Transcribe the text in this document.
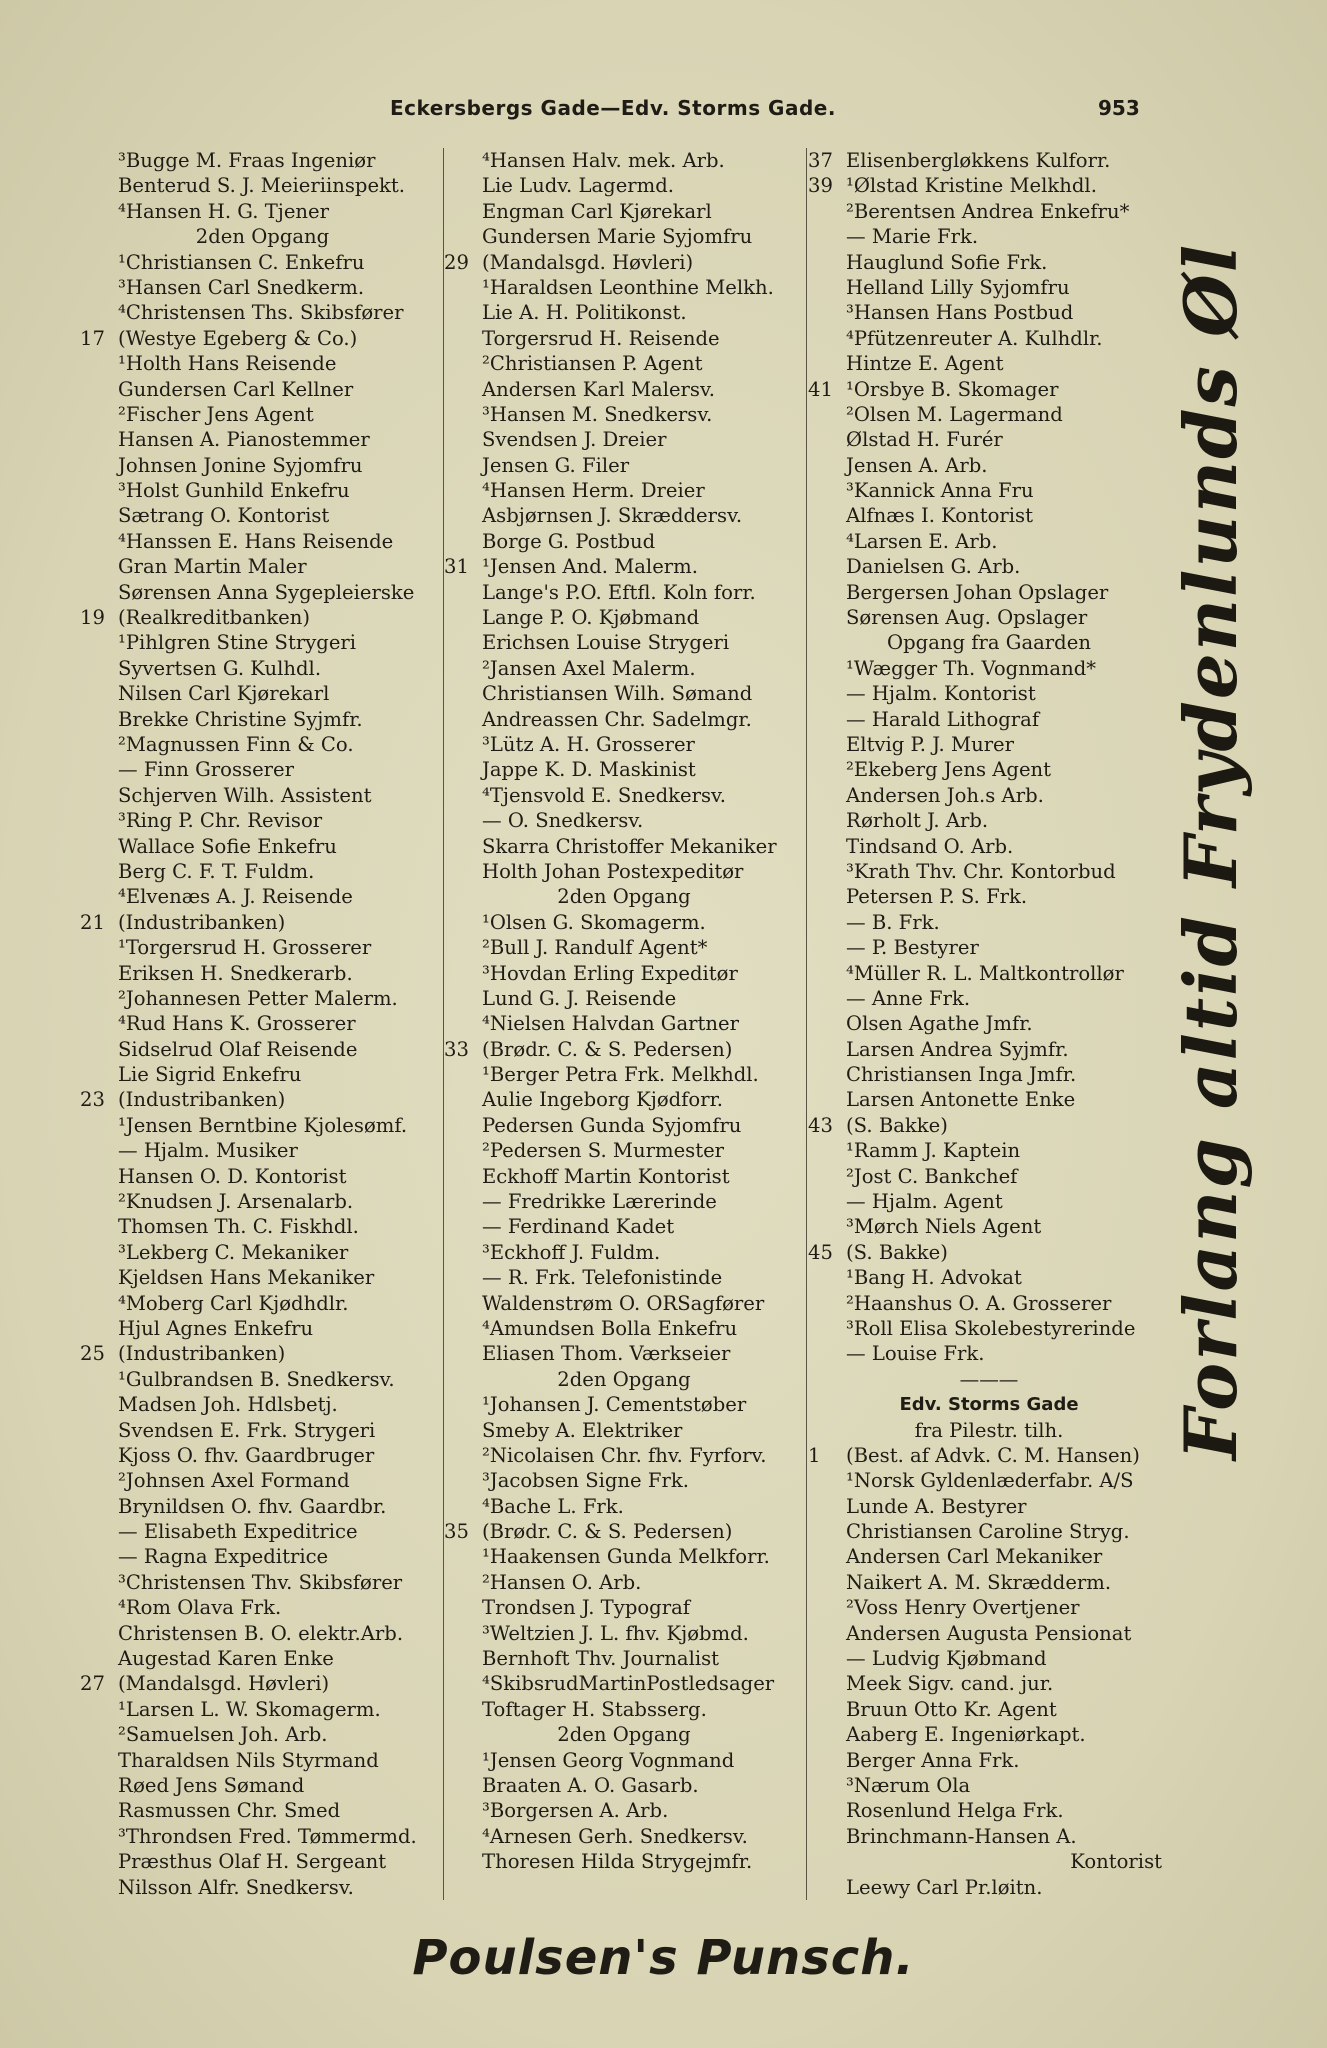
Eckersbergs Gade—Edv. Storms Gade.	953
³Bugge M. Fraas Ingeniør
Benterud S. J. Meieriinspekt.
⁴Hansen H. G. Tjener
2den Opgang
¹Christiansen C. Enkefru
³Hansen Carl Snedkerm.
⁴Christensen Ths. Skibsfører
17 (Westye Egeberg & Co.)
¹Holth Hans Reisende
Gundersen Carl Kellner
²Fischer Jens Agent
Hansen A. Pianostemmer
Johnsen Jonine Syjomfru
³Holst Gunhild Enkefru
Sætrang O. Kontorist
⁴Hanssen E. Hans Reisende
Gran Martin Maler
Sørensen Anna Sygepleierske
19 (Realkreditbanken)
¹Pihlgren Stine Strygeri
Syvertsen G. Kulhdl.
Nilsen Carl Kjørekarl
Brekke Christine Syjmfr.
²Magnussen Finn & Co.
— Finn Grosserer
Schjerven Wilh. Assistent
³Ring P. Chr. Revisor
Wallace Sofie Enkefru
Berg C. F. T. Fuldm.
⁴Elvenæs A. J. Reisende
21 (Industribanken)
¹Torgersrud H. Grosserer
Eriksen H. Snedkerarb.
²Johannesen Petter Malerm.
⁴Rud Hans K. Grosserer
Sidselrud Olaf Reisende
Lie Sigrid Enkefru
23 (Industribanken)
¹Jensen Berntbine Kjolesømf.
— Hjalm. Musiker
Hansen O. D. Kontorist
²Knudsen J. Arsenalarb.
Thomsen Th. C. Fiskhdl.
³Lekberg C. Mekaniker
Kjeldsen Hans Mekaniker
⁴Moberg Carl Kjødhdlr.
Hjul Agnes Enkefru
25 (Industribanken)
¹Gulbrandsen B. Snedkersv.
Madsen Joh. Hdlsbetj.
Svendsen E. Frk. Strygeri
Kjoss O. fhv. Gaardbruger
²Johnsen Axel Formand
Brynildsen O. fhv. Gaardbr.
— Elisabeth Expeditrice
— Ragna Expeditrice
³Christensen Thv. Skibsfører
⁴Rom Olava Frk.
Christensen B. O. elektr.Arb.
Augestad Karen Enke
27 (Mandalsgd. Høvleri)
¹Larsen L. W. Skomagerm.
²Samuelsen Joh. Arb.
Tharaldsen Nils Styrmand
Røed Jens Sømand
Rasmussen Chr. Smed
³Throndsen Fred. Tømmermd.
Præsthus Olaf H. Sergeant
Nilsson Alfr. Snedkersv.
⁴Hansen Halv. mek. Arb.
Lie Ludv. Lagermd.
Engman Carl Kjørekarl
Gundersen Marie Syjomfru
29 (Mandalsgd. Høvleri)
¹Haraldsen Leonthine Melkh.
Lie A. H. Politikonst.
Torgersrud H. Reisende
²Christiansen P. Agent
Andersen Karl Malersv.
³Hansen M. Snedkersv.
Svendsen J. Dreier
Jensen G. Filer
⁴Hansen Herm. Dreier
Asbjørnsen J. Skræddersv.
Borge G. Postbud
31 ¹Jensen And. Malerm.
Lange's P.O. Eftfl. Koln forr.
Lange P. O. Kjøbmand
Erichsen Louise Strygeri
²Jansen Axel Malerm.
Christiansen Wilh. Sømand
Andreassen Chr. Sadelmgr.
³Lütz A. H. Grosserer
Jappe K. D. Maskinist
⁴Tjensvold E. Snedkersv.
— O. Snedkersv.
Skarra Christoffer Mekaniker
Holth Johan Postexpeditør
2den Opgang
¹Olsen G. Skomagerm.
²Bull J. Randulf Agent*
³Hovdan Erling Expeditør
Lund G. J. Reisende
⁴Nielsen Halvdan Gartner
33 (Brødr. C. & S. Pedersen)
¹Berger Petra Frk. Melkhdl.
Aulie Ingeborg Kjødforr.
Pedersen Gunda Syjomfru
²Pedersen S. Murmester
Eckhoff Martin Kontorist
— Fredrikke Lærerinde
— Ferdinand Kadet
³Eckhoff J. Fuldm.
— R. Frk. Telefonistinde
Waldenstrøm O. ORSagfører
⁴Amundsen Bolla Enkefru
Eliasen Thom. Værkseier
2den Opgang
¹Johansen J. Cementstøber
Smeby A. Elektriker
²Nicolaisen Chr. fhv. Fyrforv.
³Jacobsen Signe Frk.
⁴Bache L. Frk.
35 (Brødr. C. & S. Pedersen)
¹Haakensen Gunda Melkforr.
²Hansen O. Arb.
Trondsen J. Typograf
³Weltzien J. L. fhv. Kjøbmd.
Bernhoft Thv. Journalist
⁴SkibsrudMartinPostledsager
Toftager H. Stabsserg.
2den Opgang
¹Jensen Georg Vognmand
Braaten A. O. Gasarb.
³Borgersen A. Arb.
⁴Arnesen Gerh. Snedkersv.
Thoresen Hilda Strygejmfr.
37 Elisenbergløkkens Kulforr.
39 ¹Ølstad Kristine Melkhdl.
²Berentsen Andrea Enkefru*
— Marie Frk.
Hauglund Sofie Frk.
Helland Lilly Syjomfru
³Hansen Hans Postbud
⁴Pfützenreuter A. Kulhdlr.
Hintze E. Agent
41 ¹Orsbye B. Skomager
²Olsen M. Lagermand
Ølstad H. Furér
Jensen A. Arb.
³Kannick Anna Fru
Alfnæs I. Kontorist
⁴Larsen E. Arb.
Danielsen G. Arb.
Bergersen Johan Opslager
Sørensen Aug. Opslager
Opgang fra Gaarden
¹Wægger Th. Vognmand*
— Hjalm. Kontorist
— Harald Lithograf
Eltvig P. J. Murer
²Ekeberg Jens Agent
Andersen Joh.s Arb.
Rørholt J. Arb.
Tindsand O. Arb.
³Krath Thv. Chr. Kontorbud
Petersen P. S. Frk.
— B. Frk.
— P. Bestyrer
⁴Müller R. L. Maltkontrollør
— Anne Frk.
Olsen Agathe Jmfr.
Larsen Andrea Syjmfr.
Christiansen Inga Jmfr.
Larsen Antonette Enke
43 (S. Bakke)
¹Ramm J. Kaptein
²Jost C. Bankchef
— Hjalm. Agent
³Mørch Niels Agent
45 (S. Bakke)
¹Bang H. Advokat
²Haanshus O. A. Grosserer
³Roll Elisa Skolebestyrerinde
— Louise Frk.
———
Edv. Storms Gade
fra Pilestr. tilh.
1	(Best. af Advk. C. M. Hansen)
¹Norsk Gyldenlæderfabr. A/S
Lunde A. Bestyrer
Christiansen Caroline Stryg.
Andersen Carl Mekaniker
Naikert A. M. Skrædderm.
²Voss Henry Overtjener
Andersen Augusta Pensionat
— Ludvig Kjøbmand
Meek Sigv. cand. jur.
Bruun Otto Kr. Agent
Aaberg E. Ingeniørkapt.
Berger Anna Frk.
³Nærum Ola
Rosenlund Helga Frk.
Brinchmann-Hansen A.
Kontorist
Leewy Carl Pr.løitn.
Forlang altid Frydenlunds Øl
Poulsen's Punsch.
